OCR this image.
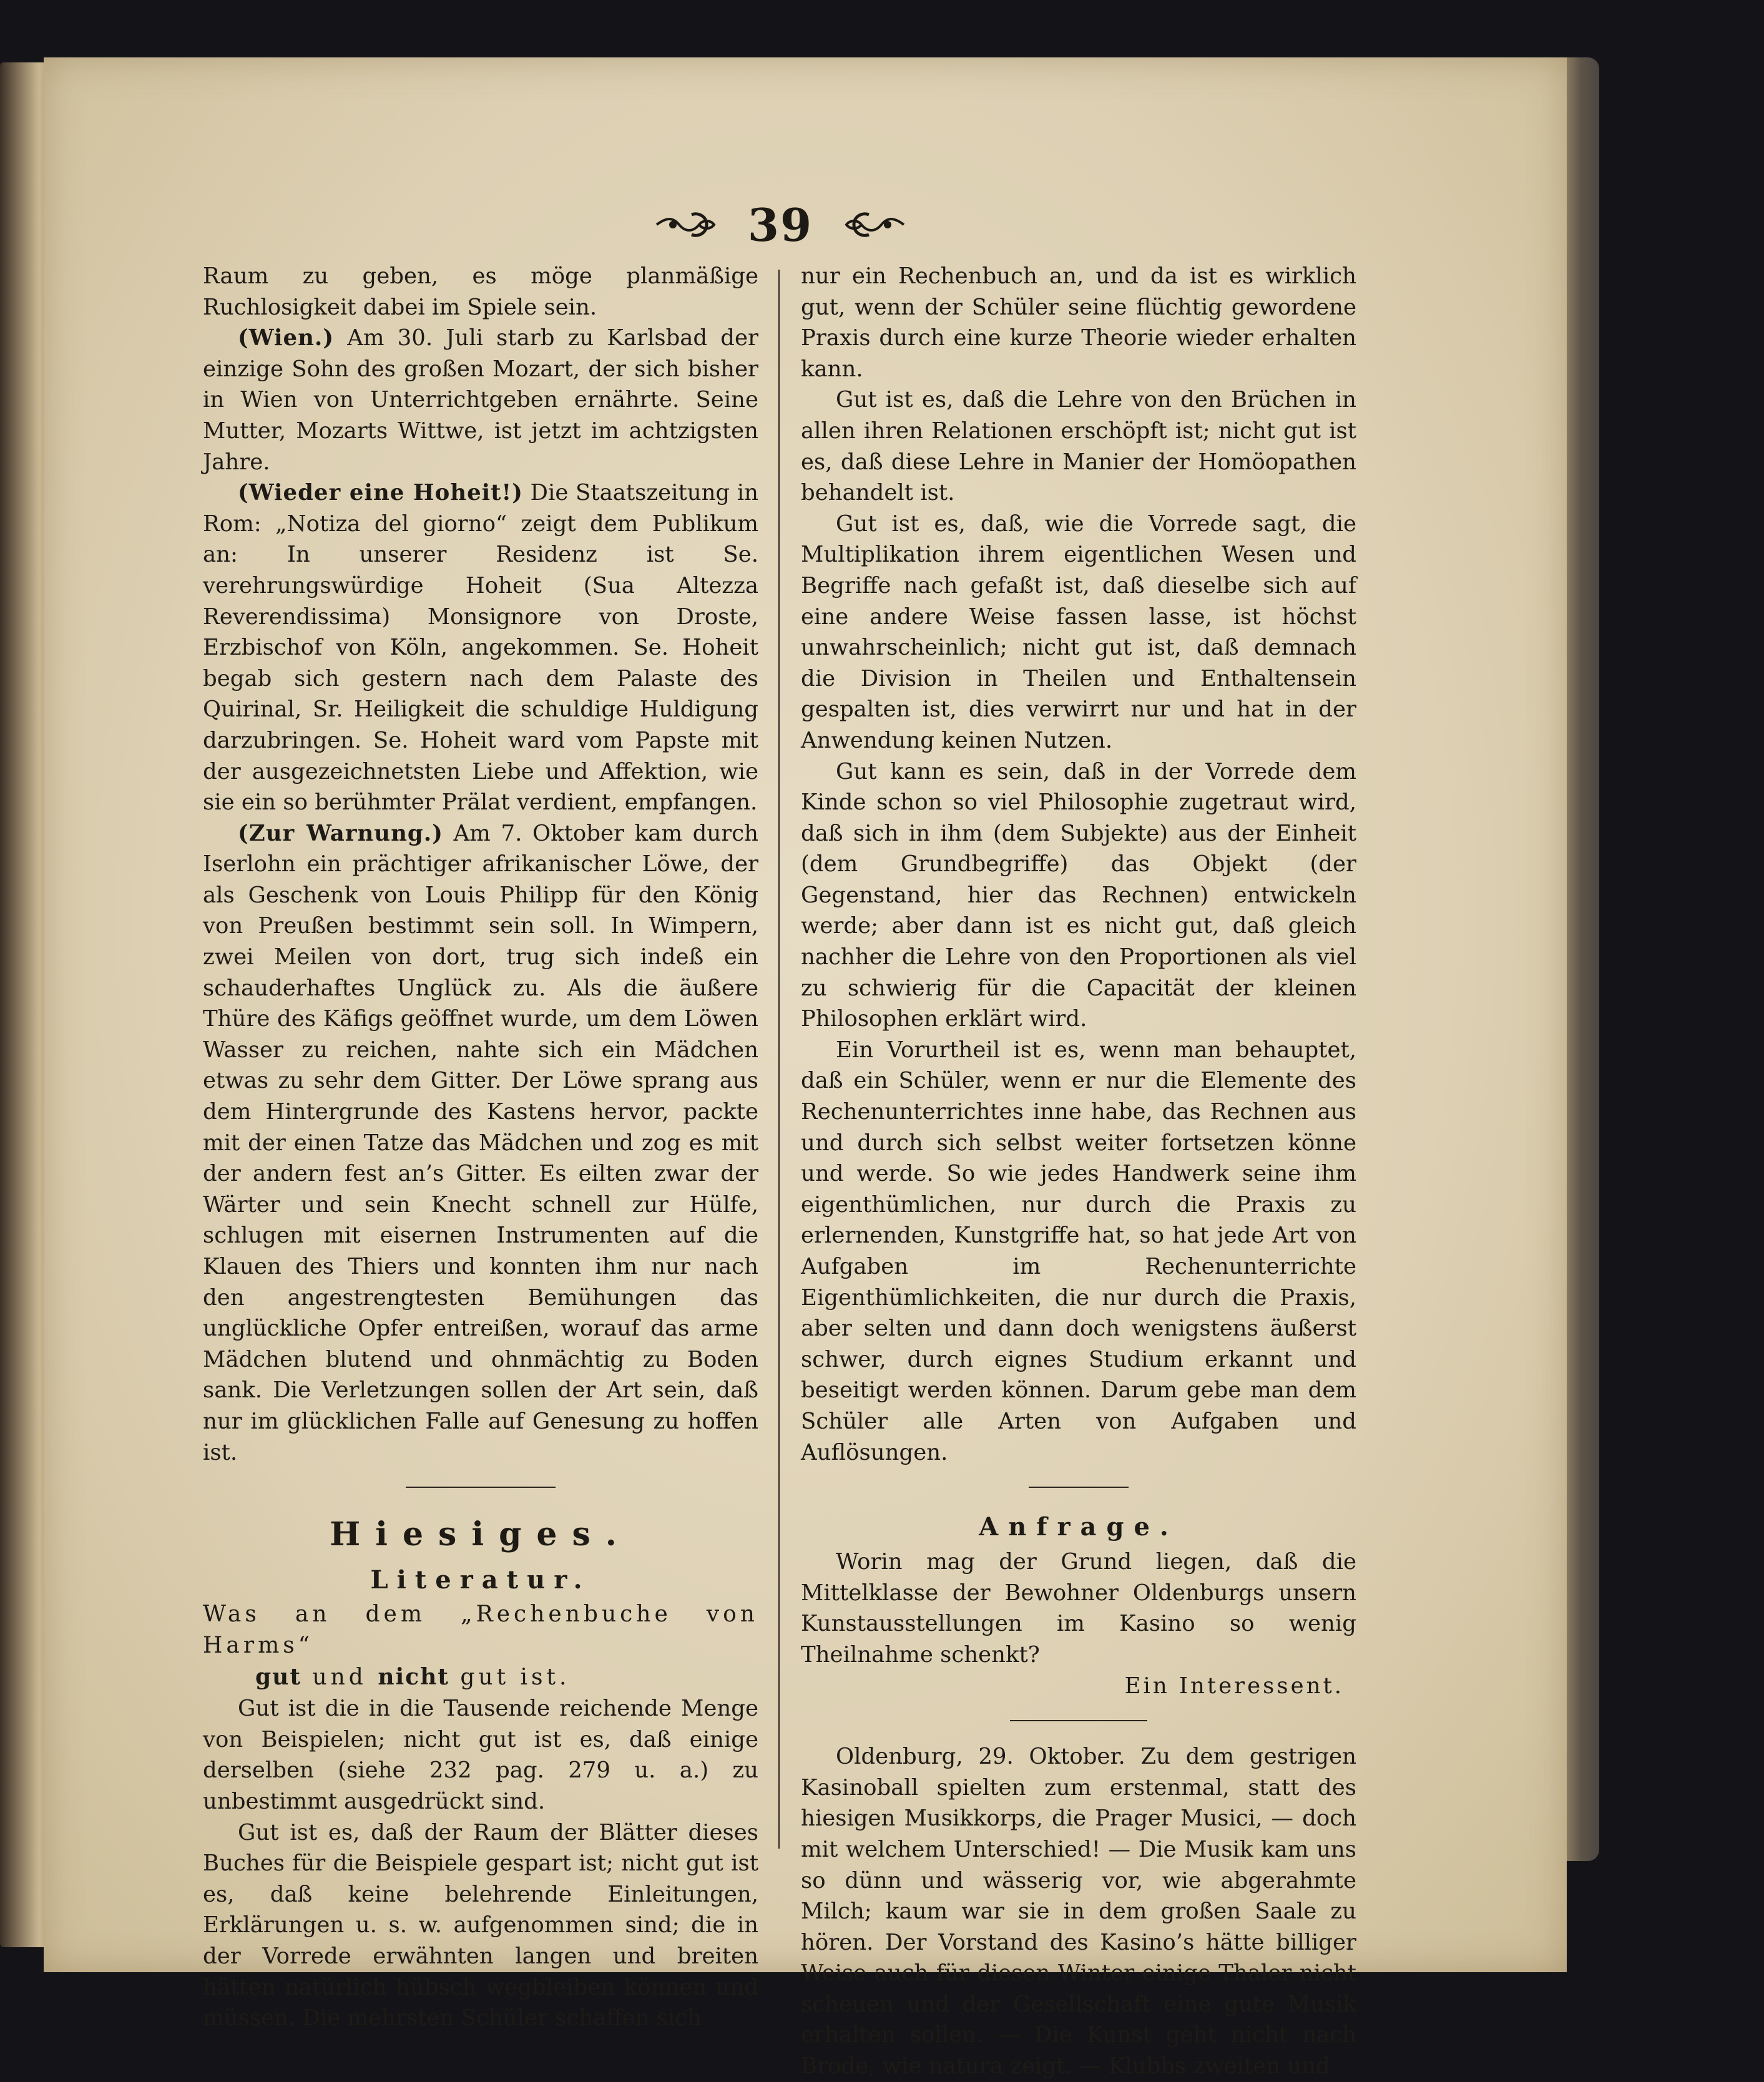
39

Raum zu geben, es möge planmäßige Ruchlosigkeit dabei im Spiele sein.

(Wien.) Am 30. Juli starb zu Karlsbad der einzige Sohn des großen Mozart, der sich bisher in Wien von Unterrichtgeben ernährte. Seine Mutter, Mozarts Wittwe, ist jetzt im achtzigsten Jahre.

(Wieder eine Hoheit!) Die Staatszeitung in Rom: „Notiza del giorno“ zeigt dem Publikum an: In unserer Residenz ist Se. verehrungswürdige Hoheit (Sua Altezza Reverendissima) Monsignore von Droste, Erzbischof von Köln, angekommen. Se. Hoheit begab sich gestern nach dem Palaste des Quirinal, Sr. Heiligkeit die schuldige Huldigung darzubringen. Se. Hoheit ward vom Papste mit der ausgezeichnetsten Liebe und Affektion, wie sie ein so berühmter Prälat verdient, empfangen.

(Zur Warnung.) Am 7. Oktober kam durch Iserlohn ein prächtiger afrikanischer Löwe, der als Geschenk von Louis Philipp für den König von Preußen bestimmt sein soll. In Wimpern, zwei Meilen von dort, trug sich indeß ein schauderhaftes Unglück zu. Als die äußere Thüre des Käfigs geöffnet wurde, um dem Löwen Wasser zu reichen, nahte sich ein Mädchen etwas zu sehr dem Gitter. Der Löwe sprang aus dem Hintergrunde des Kastens hervor, packte mit der einen Tatze das Mädchen und zog es mit der andern fest an’s Gitter. Es eilten zwar der Wärter und sein Knecht schnell zur Hülfe, schlugen mit eisernen Instrumenten auf die Klauen des Thiers und konnten ihm nur nach den angestrengtesten Bemühungen das unglückliche Opfer entreißen, worauf das arme Mädchen blutend und ohnmächtig zu Boden sank. Die Verletzungen sollen der Art sein, daß nur im glücklichen Falle auf Genesung zu hoffen ist.

Hiesiges.
Literatur.
Was an dem „Rechenbuche von Harms“
gut und nicht gut ist.

Gut ist die in die Tausende reichende Menge von Beispielen; nicht gut ist es, daß einige derselben (siehe 232 pag. 279 u. a.) zu unbestimmt ausgedrückt sind.

Gut ist es, daß der Raum der Blätter dieses Buches für die Beispiele gespart ist; nicht gut ist es, daß keine belehrende Einleitungen, Erklärungen u. s. w. aufgenommen sind; die in der Vorrede erwähnten langen und breiten hätten natürlich hübsch wegbleiben können und müssen. Die mehrsten Schüler schaffen sich

nur ein Rechenbuch an, und da ist es wirklich gut, wenn der Schüler seine flüchtig gewordene Praxis durch eine kurze Theorie wieder erhalten kann.

Gut ist es, daß die Lehre von den Brüchen in allen ihren Relationen erschöpft ist; nicht gut ist es, daß diese Lehre in Manier der Homöopathen behandelt ist.

Gut ist es, daß, wie die Vorrede sagt, die Multiplikation ihrem eigentlichen Wesen und Begriffe nach gefaßt ist, daß dieselbe sich auf eine andere Weise fassen lasse, ist höchst unwahrscheinlich; nicht gut ist, daß demnach die Division in Theilen und Enthaltensein gespalten ist, dies verwirrt nur und hat in der Anwendung keinen Nutzen.

Gut kann es sein, daß in der Vorrede dem Kinde schon so viel Philosophie zugetraut wird, daß sich in ihm (dem Subjekte) aus der Einheit (dem Grundbegriffe) das Objekt (der Gegenstand, hier das Rechnen) entwickeln werde; aber dann ist es nicht gut, daß gleich nachher die Lehre von den Proportionen als viel zu schwierig für die Capacität der kleinen Philosophen erklärt wird.

Ein Vorurtheil ist es, wenn man behauptet, daß ein Schüler, wenn er nur die Elemente des Rechenunterrichtes inne habe, das Rechnen aus und durch sich selbst weiter fortsetzen könne und werde. So wie jedes Handwerk seine ihm eigenthümlichen, nur durch die Praxis zu erlernenden, Kunstgriffe hat, so hat jede Art von Aufgaben im Rechenunterrichte Eigenthümlichkeiten, die nur durch die Praxis, aber selten und dann doch wenigstens äußerst schwer, durch eignes Studium erkannt und beseitigt werden können. Darum gebe man dem Schüler alle Arten von Aufgaben und Auflösungen.

Anfrage.

Worin mag der Grund liegen, daß die Mittelklasse der Bewohner Oldenburgs unsern Kunstausstellungen im Kasino so wenig Theilnahme schenkt?

Ein Interessent.

Oldenburg, 29. Oktober. Zu dem gestrigen Kasinoball spielten zum erstenmal, statt des hiesigen Musikkorps, die Prager Musici, — doch mit welchem Unterschied! — Die Musik kam uns so dünn und wässerig vor, wie abgerahmte Milch; kaum war sie in dem großen Saale zu hören. Der Vorstand des Kasino’s hätte billiger Weise auch für diesen Winter einige Thaler nicht scheuen und der Gesellschaft eine gute Musik erhalten sollen. — Die Kunst geht nicht nach Brode, wie natura zeigt. — Klubbs zweiten und
